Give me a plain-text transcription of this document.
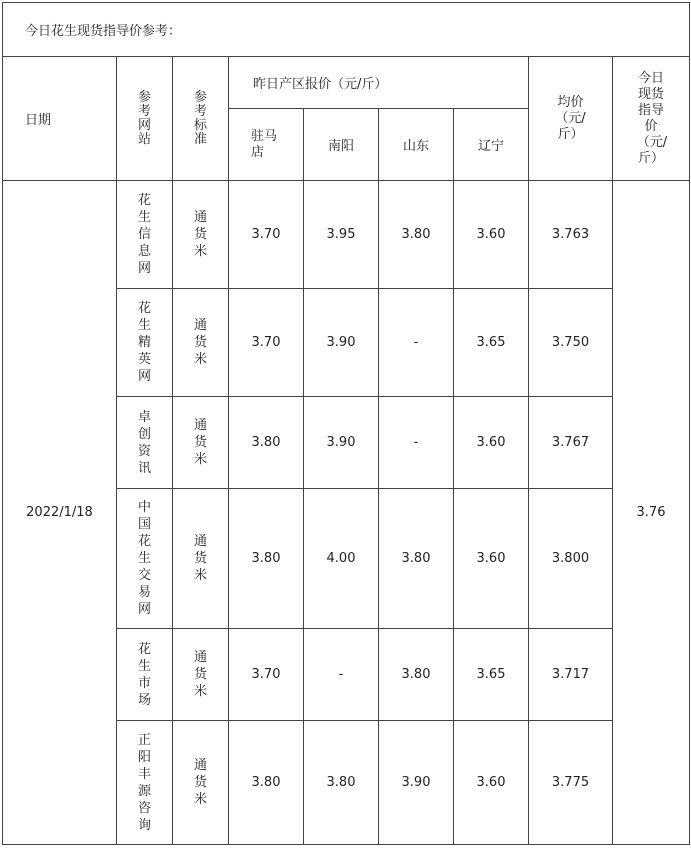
今日花生现货指导价参考：								
日期	参考网站	参考标准	昨日产区报价（元/斤）				均价（元/斤）	今日现货指导价（元/斤）
			驻马店	南阳	山东	辽宁		
2022/1/18	花生信息网	通货米	3.70	3.95	3.80	3.60	3.763	3.76
	花生精英网	通货米	3.70	3.90	-	3.65	3.750	
	卓创资讯	通货米	3.80	3.90	-	3.60	3.767	
	中国花生交易网	通货米	3.80	4.00	3.80	3.60	3.800	
	花生市场	通货米	3.70	-	3.80	3.65	3.717	
	正阳丰源咨询	通货米	3.80	3.80	3.90	3.60	3.775	
